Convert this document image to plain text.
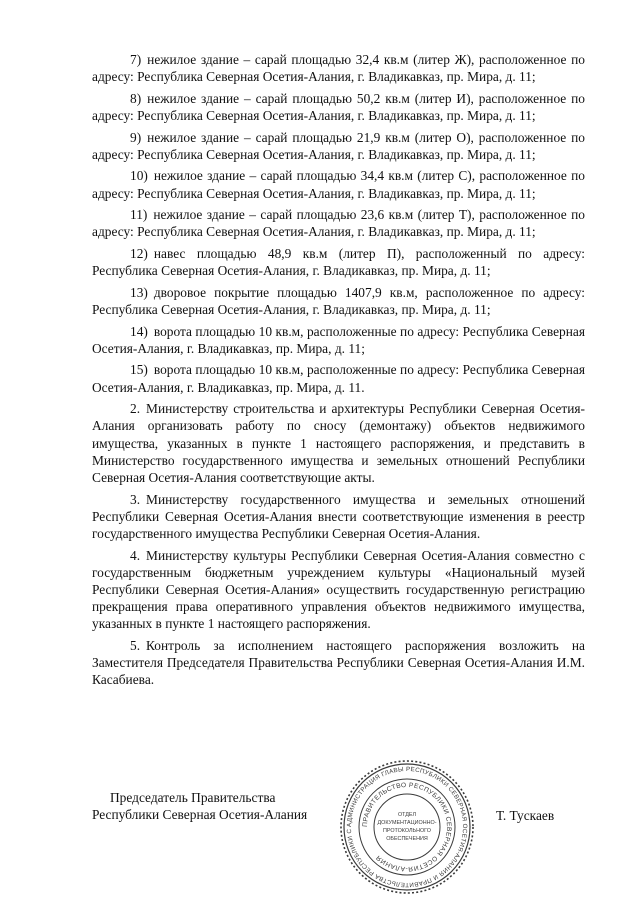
7) нежилое здание – сарай площадью 32,4 кв.м (литер Ж), расположенное по адресу: Республика Северная Осетия-Алания, г. Владикавказ, пр. Мира, д. 11;

8) нежилое здание – сарай площадью 50,2 кв.м (литер И), расположенное по адресу: Республика Северная Осетия-Алания, г. Владикавказ, пр. Мира, д. 11;

9) нежилое здание – сарай площадью 21,9 кв.м (литер О), расположенное по адресу: Республика Северная Осетия-Алания, г. Владикавказ, пр. Мира, д. 11;

10) нежилое здание – сарай площадью 34,4 кв.м (литер С), расположенное по адресу: Республика Северная Осетия-Алания, г. Владикавказ, пр. Мира, д. 11;

11) нежилое здание – сарай площадью 23,6 кв.м (литер Т), расположенное по адресу: Республика Северная Осетия-Алания, г. Владикавказ, пр. Мира, д. 11;

12) навес площадью 48,9 кв.м (литер П), расположенный по адресу: Республика Северная Осетия-Алания, г. Владикавказ, пр. Мира, д. 11;

13) дворовое покрытие площадью 1407,9 кв.м, расположенное по адресу: Республика Северная Осетия-Алания, г. Владикавказ, пр. Мира, д. 11;

14) ворота площадью 10 кв.м, расположенные по адресу: Республика Северная Осетия-Алания, г. Владикавказ, пр. Мира, д. 11;

15) ворота площадью 10 кв.м, расположенные по адресу: Республика Северная Осетия-Алания, г. Владикавказ, пр. Мира, д. 11.

2. Министерству строительства и архитектуры Республики Северная Осетия-Алания организовать работу по сносу (демонтажу) объектов недвижимого имущества, указанных в пункте 1 настоящего распоряжения, и представить в Министерство государственного имущества и земельных отношений Республики Северная Осетия-Алания соответствующие акты.

3. Министерству государственного имущества и земельных отношений Республики Северная Осетия-Алания внести соответствующие изменения в реестр государственного имущества Республики Северная Осетия-Алания.

4. Министерству культуры Республики Северная Осетия-Алания совместно с государственным бюджетным учреждением культуры «Национальный музей Республики Северная Осетия-Алания» осуществить государственную регистрацию прекращения права оперативного управления объектов недвижимого имущества, указанных в пункте 1 настоящего распоряжения.

5. Контроль за исполнением настоящего распоряжения возложить на Заместителя Председателя Правительства Республики Северная Осетия-Алания И.М. Касабиева.

Председатель Правительства
Республики Северная Осетия-Алания
АДМИНИСТРАЦИЯ ГЛАВЫ РЕСПУБЛИКИ СЕВЕРНАЯ ОСЕТИЯ-АЛАНИЯ И ПРАВИТЕЛЬСТВА РЕСПУБЛИКИ С
ПРАВИТЕЛЬСТВО РЕСПУБЛИКИ СЕВЕРНАЯ ОСЕТИЯ-АЛАНИЯ
ОТДЕЛ
ДОКУМЕНТАЦИОННО-
ПРОТОКОЛЬНОГО
ОБЕСПЕЧЕНИЯ
Т. Тускаев
